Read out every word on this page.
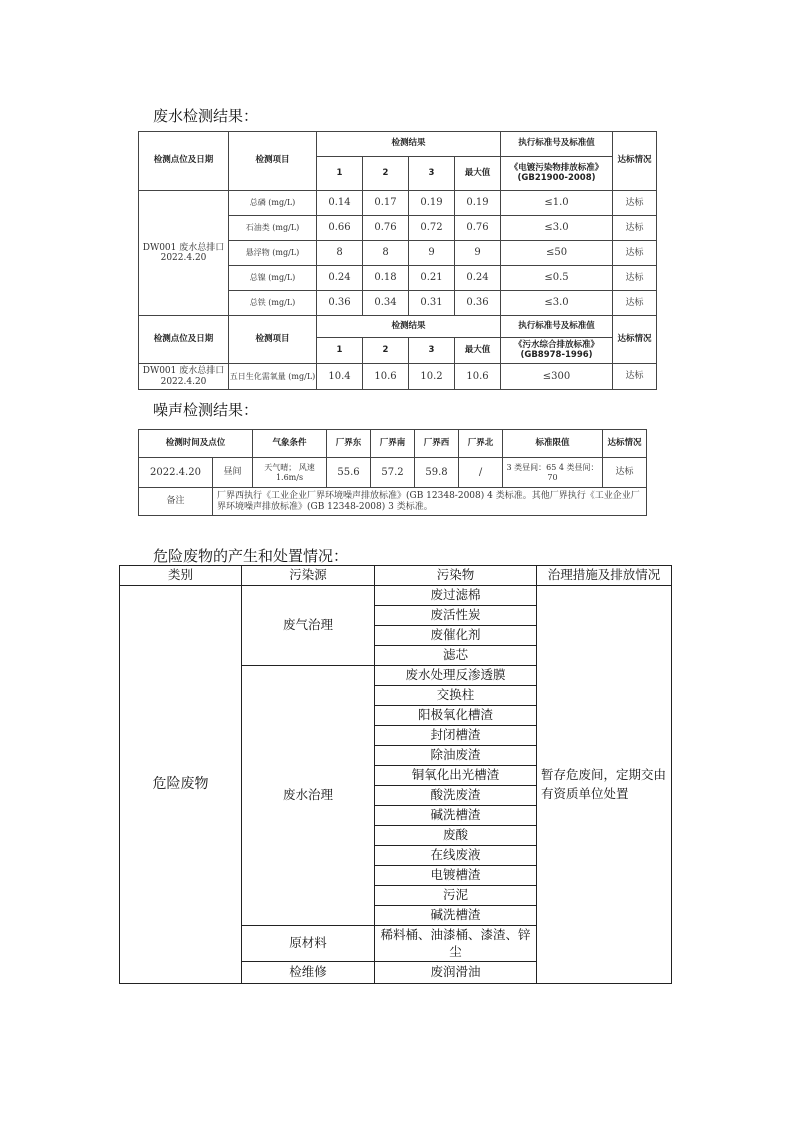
废水检测结果：
噪声检测结果：
危险废物的产生和处置情况：
检测点位及日期	检测项目	检测结果				执行标准号及标准值	达标情况
		1	2	3	最大值	《电镀污染物排放标准》(GB21900-2008)	
DW001 废水总排口 2022.4.20	总磷 (mg/L)	0.14	0.17	0.19	0.19	≤1.0	达标
	石油类 (mg/L)	0.66	0.76	0.72	0.76	≤3.0	达标
	悬浮物 (mg/L)	8	8	9	9	≤50	达标
	总镍 (mg/L)	0.24	0.18	0.21	0.24	≤0.5	达标
	总铁 (mg/L)	0.36	0.34	0.31	0.36	≤3.0	达标
检测点位及日期	检测项目	检测结果				执行标准号及标准值	达标情况
		1	2	3	最大值	《污水综合排放标准》(GB8978-1996)	
DW001 废水总排口 2022.4.20	五日生化需氧量 (mg/L)	10.4	10.6	10.2	10.6	≤300	达标
检测时间及点位		气象条件	厂界东	厂界南	厂界西	厂界北	标准限值	达标情况
2022.4.20	昼间	天气晴； 风速 1.6m/s	55.6	57.2	59.8	/	3 类昼间：65 4 类昼间：70	达标
备注	厂界西执行《工业企业厂界环境噪声排放标准》(GB 12348-2008) 4 类标准。其他厂界执行《工业企业厂界环境噪声排放标准》(GB 12348-2008) 3 类标准。							
类别	污染源	污染物	治理措施及排放情况
危险废物	废气治理	废过滤棉	暂存危废间，定期交由有资质单位处置
		废活性炭	
		废催化剂	
		滤芯	
	废水治理	废水处理反渗透膜	
		交换柱	
		阳极氧化槽渣	
		封闭槽渣	
		除油废渣	
		铜氧化出光槽渣	
		酸洗废渣	
		碱洗槽渣	
		废酸	
		在线废液	
		电镀槽渣	
		污泥	
		碱洗槽渣	
	原材料	稀料桶、油漆桶、漆渣、锌尘	
	检维修	废润滑油	
